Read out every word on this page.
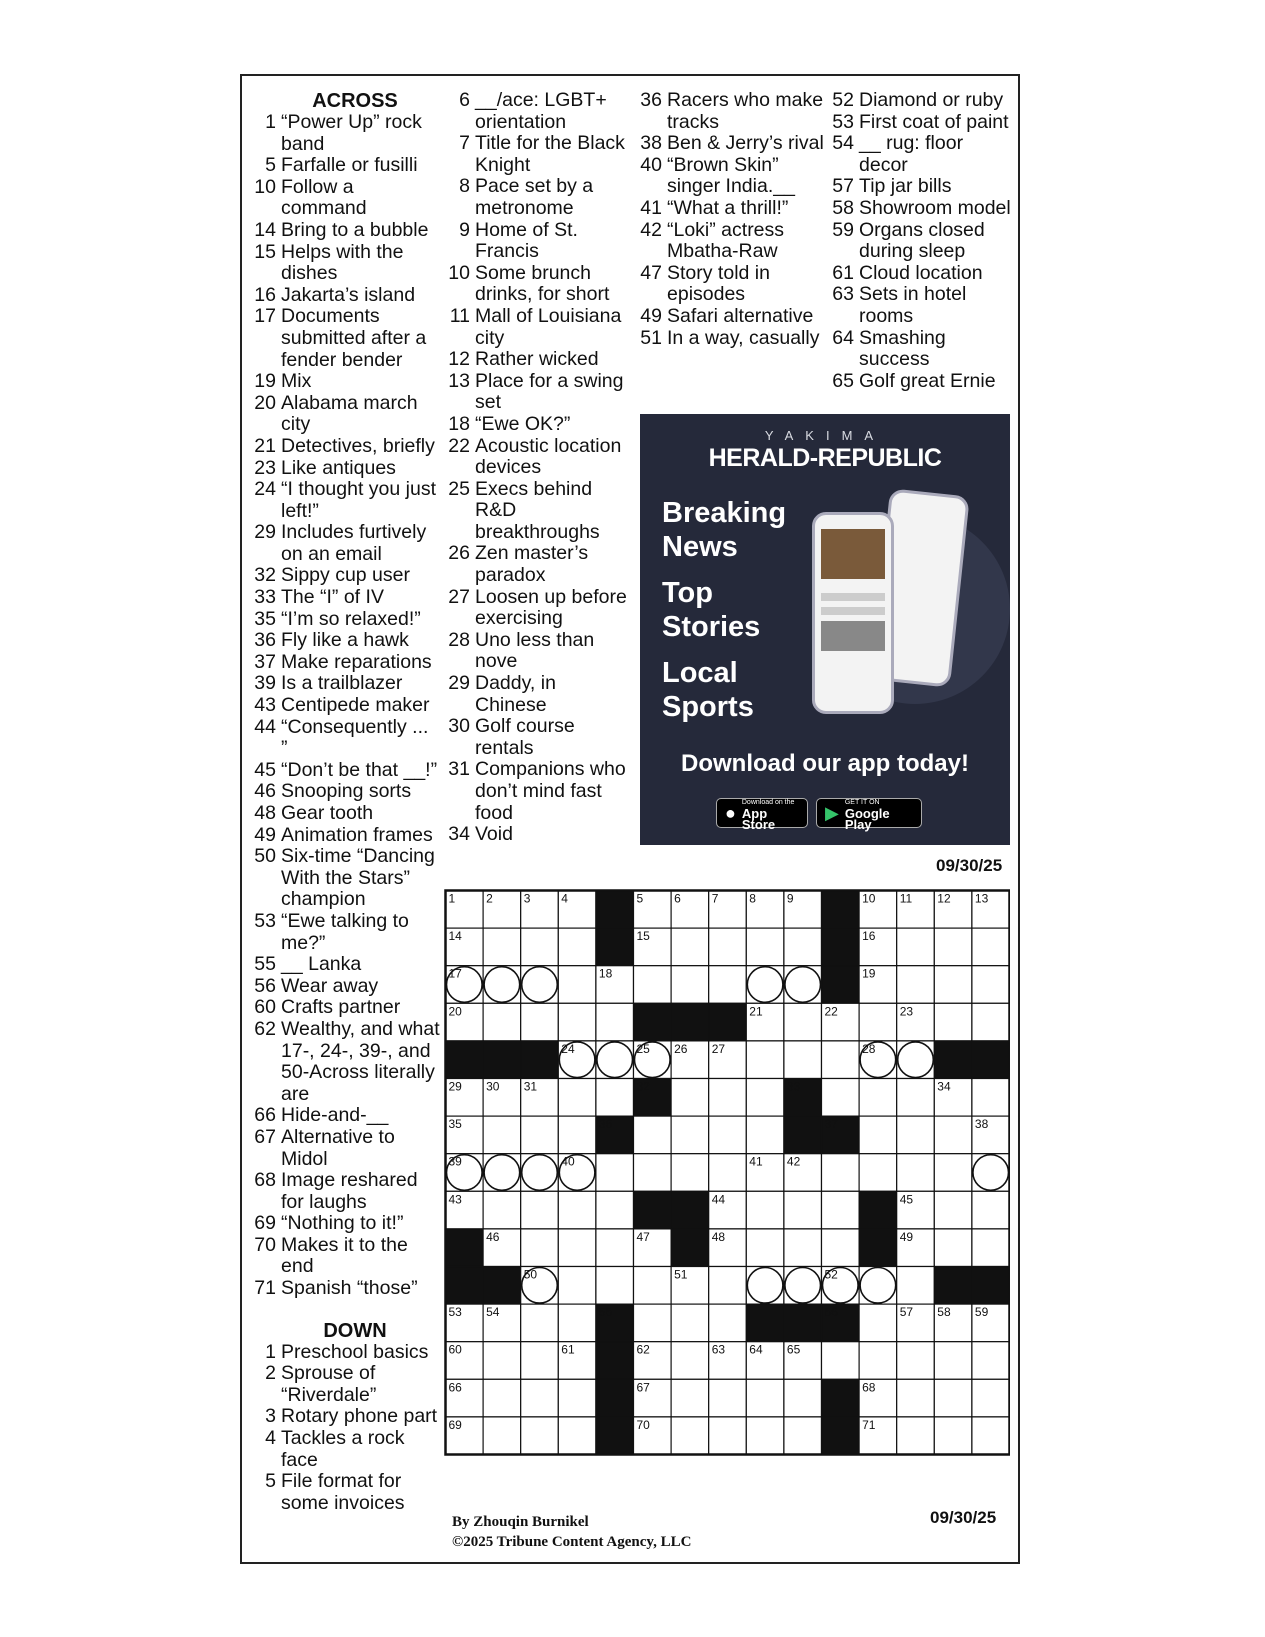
ACROSS
1 “Power Up” rock band
5 Farfalle or fusilli
10 Follow a command
14 Bring to a bubble
15 Helps with the dishes
16 Jakarta’s island
17 Documents submitted after a fender bender
19 Mix
20 Alabama march city
21 Detectives, briefly
23 Like antiques
24 “I thought you just left!”
29 Includes furtively on an email
32 Sippy cup user
33 The “I” of IV
35 “I’m so relaxed!”
36 Fly like a hawk
37 Make reparations
39 Is a trailblazer
43 Centipede maker
44 “Consequently ... ”
45 “Don’t be that __!”
46 Snooping sorts
48 Gear tooth
49 Animation frames
50 Six-time “Dancing With the Stars” champion
53 “Ewe talking to me?”
55 __ Lanka
56 Wear away
60 Crafts partner
62 Wealthy, and what 17-, 24-, 39-, and 50-Across literally are
66 Hide-and-__
67 Alternative to Midol
68 Image reshared for laughs
69 “Nothing to it!”
70 Makes it to the end
71 Spanish “those”
DOWN
1 Preschool basics
2 Sprouse of “Riverdale”
3 Rotary phone part
4 Tackles a rock face
5 File format for some invoices
6 __/ace: LGBT+ orientation
7 Title for the Black Knight
8 Pace set by a metronome
9 Home of St. Francis
10 Some brunch drinks, for short
11 Mall of Louisiana city
12 Rather wicked
13 Place for a swing set
18 “Ewe OK?”
22 Acoustic location devices
25 Execs behind R&D breakthroughs
26 Zen master’s paradox
27 Loosen up before exercising
28 Uno less than nove
29 Daddy, in Chinese
30 Golf course rentals
31 Companions who don’t mind fast food
34 Void
36 Racers who make tracks
38 Ben & Jerry’s rival
40 “Brown Skin” singer India.__
41 “What a thrill!”
42 “Loki” actress Mbatha-Raw
47 Story told in episodes
49 Safari alternative
51 In a way, casually
52 Diamond or ruby
53 First coat of paint
54 __ rug: floor decor
57 Tip jar bills
58 Showroom model
59 Organs closed during sleep
61 Cloud location
63 Sets in hotel rooms
64 Smashing success
65 Golf great Ernie
YAKIMA
HERALD-REPUBLIC
Breaking
News
Top
Stories
Local
Sports
Download our app today!
●
Download on the
App Store
▶
GET IT ON
Google Play
09/30/25
1	2	3	4	5	6	7	8	9	10 11 12 13
14	15	16
17	18	19
20	21	22	23
24	25 26 27	28
29 30 31	32	33	34
35	36	37	38
39	40	41 42
43	44	45
46	47	48	49
50	51	52
53 54	55	56	57 58 59
60	61	62	63 64 65
66	67	68
69	70	71
By Zhouqin Burnikel
©2025 Tribune Content Agency, LLC
09/30/25
